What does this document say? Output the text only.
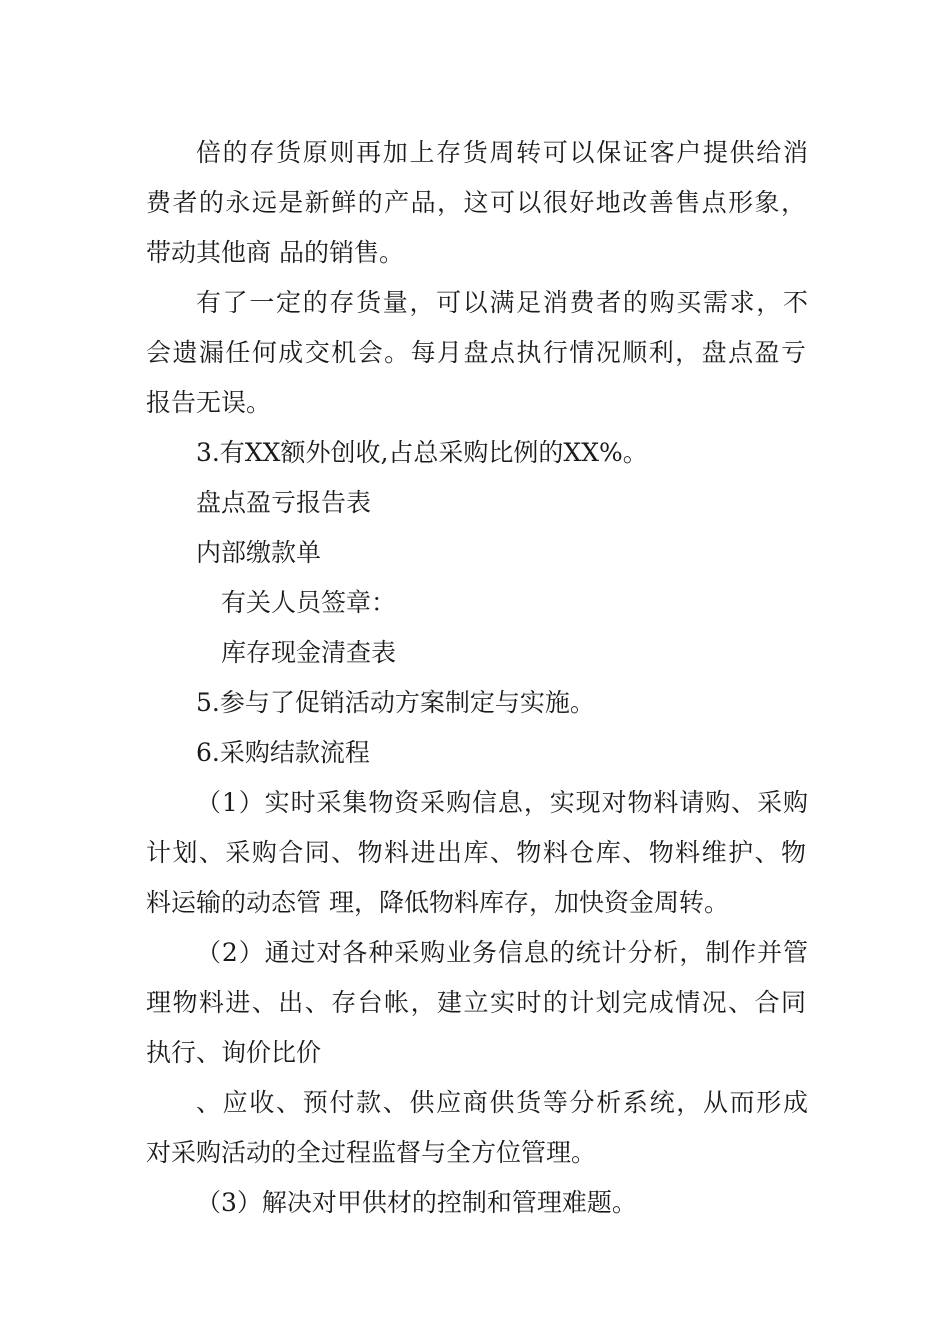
倍的存货原则再加上存货周转可以保证客户提供给消
费者的永远是新鲜的产品，这可以很好地改善售点形象，
带动其他商 品的销售。
有了一定的存货量，可以满足消费者的购买需求，不
会遗漏任何成交机会。每月盘点执行情况顺利，盘点盈亏
报告无误。
3.有XX额外创收,占总采购比例的XX%。
盘点盈亏报告表
内部缴款单
有关人员签章：
库存现金清查表
5.参与了促销活动方案制定与实施。
6.采购结款流程
（1）实时采集物资采购信息，实现对物料请购、采购
计划、采购合同、物料进出库、物料仓库、物料维护、物
料运输的动态管 理，降低物料库存，加快资金周转。
（2）通过对各种采购业务信息的统计分析，制作并管
理物料进、出、存台帐，建立实时的计划完成情况、合同
执行、询价比价
、应收、预付款、供应商供货等分析系统，从而形成
对采购活动的全过程监督与全方位管理。
（3）解决对甲供材的控制和管理难题。
